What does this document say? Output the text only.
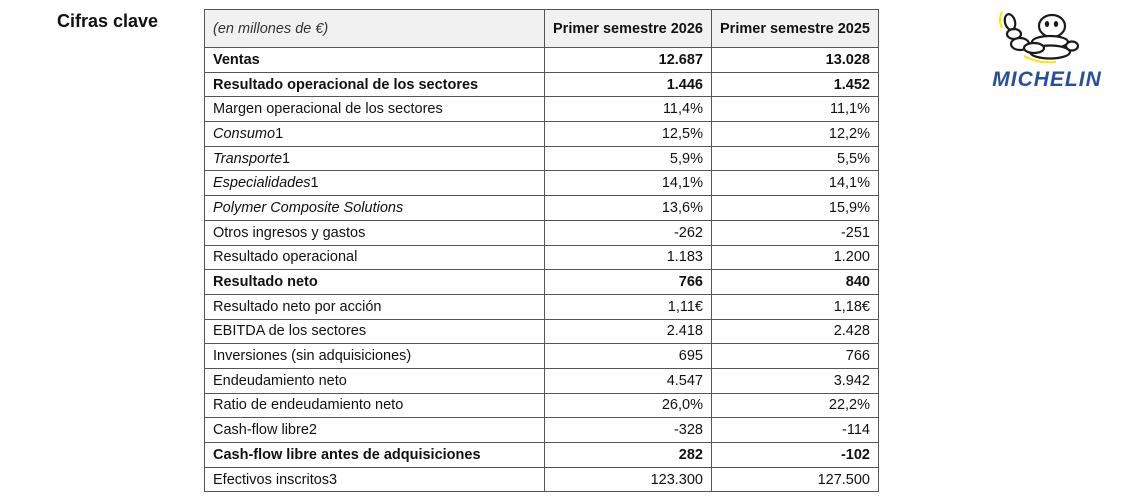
Cifras clave	(en millones de €)	Primer semestre 2026	Primer semestre 2025
Ventas	12.687	13.028
Resultado operacional de los sectores	1.446	1.452
Margen operacional de los sectores	11,4%	11,1%
Consumo1	12,5%	12,2%
Transporte1	5,9%	5,5%
Especialidades1	14,1%	14,1%
Polymer Composite Solutions	13,6%	15,9%
Otros ingresos y gastos	-262	-251
Resultado operacional	1.183	1.200
Resultado neto	766	840
Resultado neto por acción	1,11€	1,18€
EBITDA de los sectores	2.418	2.428
Inversiones (sin adquisiciones)	695	766
Endeudamiento neto	4.547	3.942
Ratio de endeudamiento neto	26,0%	22,2%
Cash-flow libre2	-328	-114
Cash-flow libre antes de adquisiciones	282	-102
Efectivos inscritos3	123.300	127.500
MICHELIN
